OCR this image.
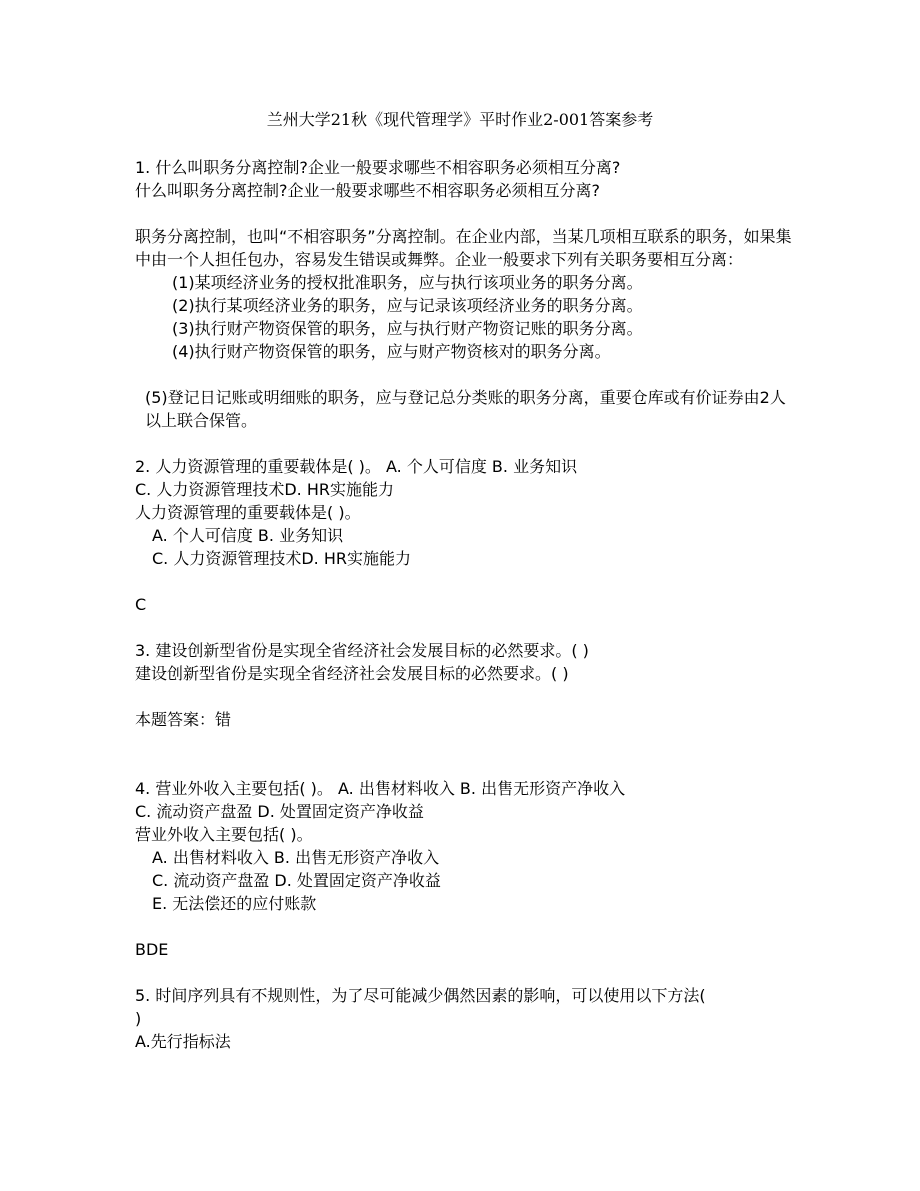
兰州大学21秋《现代管理学》平时作业2-001答案参考
1. 什么叫职务分离控制?企业一般要求哪些不相容职务必须相互分离?
什么叫职务分离控制?企业一般要求哪些不相容职务必须相互分离?
职务分离控制，也叫“不相容职务”分离控制。在企业内部，当某几项相互联系的职务，如果集中由一个人担任包办，容易发生错误或舞弊。企业一般要求下列有关职务要相互分离：
(1)某项经济业务的授权批准职务，应与执行该项业务的职务分离。
(2)执行某项经济业务的职务，应与记录该项经济业务的职务分离。
(3)执行财产物资保管的职务，应与执行财产物资记账的职务分离。
(4)执行财产物资保管的职务，应与财产物资核对的职务分离。
(5)登记日记账或明细账的职务，应与登记总分类账的职务分离，重要仓库或有价证券由2人以上联合保管。
2. 人力资源管理的重要载体是( )。 A. 个人可信度 B. 业务知识
C. 人力资源管理技术D. HR实施能力
人力资源管理的重要载体是( )。
A. 个人可信度 B. 业务知识
C. 人力资源管理技术D. HR实施能力
C
3. 建设创新型省份是实现全省经济社会发展目标的必然要求。( )
建设创新型省份是实现全省经济社会发展目标的必然要求。( )
本题答案：错
4. 营业外收入主要包括( )。 A. 出售材料收入 B. 出售无形资产净收入
C. 流动资产盘盈 D. 处置固定资产净收益
营业外收入主要包括( )。
A. 出售材料收入 B. 出售无形资产净收入
C. 流动资产盘盈 D. 处置固定资产净收益
E. 无法偿还的应付账款
BDE
5. 时间序列具有不规则性，为了尽可能减少偶然因素的影响，可以使用以下方法(
)
A.先行指标法
